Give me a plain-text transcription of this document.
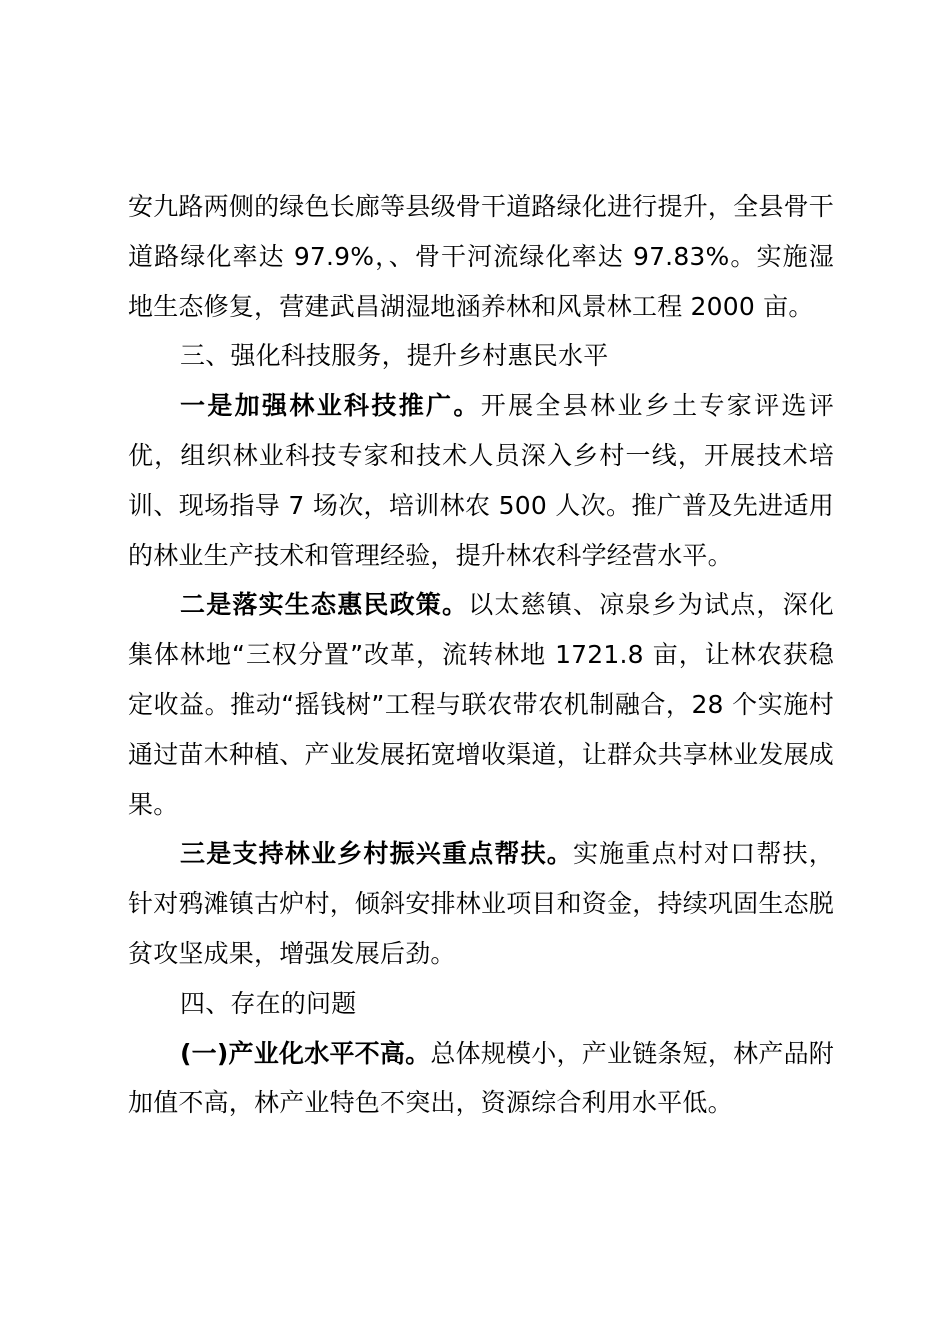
安九路两侧的绿色长廊等县级骨干道路绿化进行提升，全县骨干道路绿化率达 97.9%，、骨干河流绿化率达 97.83%。实施湿地生态修复，营建武昌湖湿地涵养林和风景林工程 2000 亩。

三、强化科技服务，提升乡村惠民水平

一是加强林业科技推广。开展全县林业乡土专家评选评优，组织林业科技专家和技术人员深入乡村一线，开展技术培训、现场指导 7 场次，培训林农 500 人次。推广普及先进适用的林业生产技术和管理经验，提升林农科学经营水平。

二是落实生态惠民政策。以太慈镇、凉泉乡为试点，深化集体林地“三权分置”改革，流转林地 1721.8 亩，让林农获稳定收益。推动“摇钱树”工程与联农带农机制融合，28 个实施村通过苗木种植、产业发展拓宽增收渠道，让群众共享林业发展成果。

三是支持林业乡村振兴重点帮扶。实施重点村对口帮扶，针对鸦滩镇古炉村，倾斜安排林业项目和资金，持续巩固生态脱贫攻坚成果，增强发展后劲。

四、存在的问题

(一)产业化水平不高。总体规模小，产业链条短，林产品附加值不高，林产业特色不突出，资源综合利用水平低。
